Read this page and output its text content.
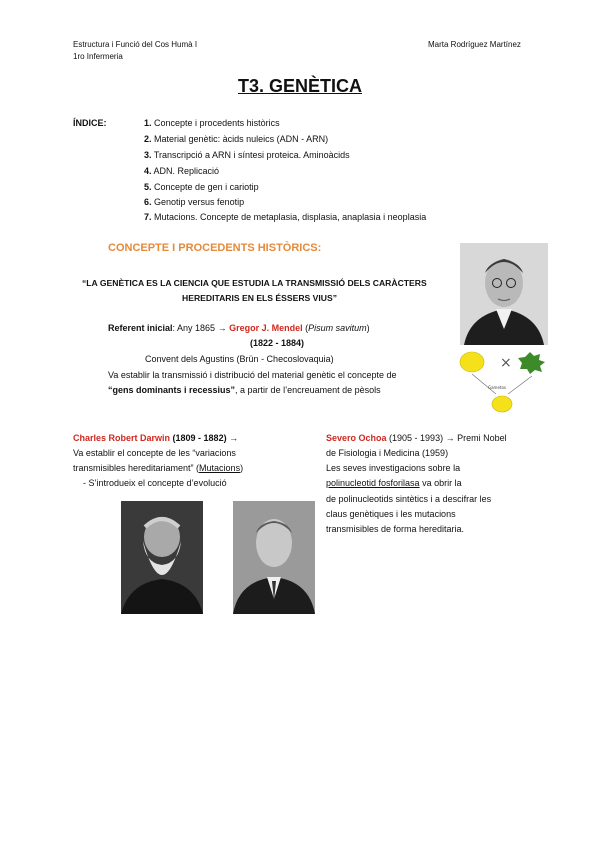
Estructura i Funció del Cos Humà I
1ro Infermeria
Marta Rodríguez Martínez
T3. GENÈTICA
ÍNDICE:	1. Concepte i procedents històrics
2. Material genètic: àcids nuleics (ADN - ARN)
3. Transcripció a ARN i síntesi proteica. Aminoàcids
4. ADN. Replicació
5. Concepte de gen i cariotip
6. Genotip versus fenotip
7. Mutacions. Concepte de metaplasia, displasia, anaplasia i neoplasia
CONCEPTE I PROCEDENTS HISTÒRICS:
“LA GENÈTICA ES LA CIENCIA QUE ESTUDIA LA TRANSMISSIÓ DELS CARÀCTERS
HEREDITARIS EN ELS ÉSSERS VIUS”
Referent inicial: Any 1865 → Gregor J. Mendel (Pisum savitum)
(1822 - 1884)
Convent dels Agustins (Brün - Checoslovaquia)
Va establir la transmissió i distribució del material genètic el concepte de
“gens dominants i recessius”, a partir de l’encreuament de pèsols
×
Gametos
Charles Robert Darwin (1809 - 1882) →
Va establir el concepte de les “variacions
transmisibles hereditariament” (Mutacions)
- S’introdueix el concepte d’evolució
Severo Ochoa (1905 - 1993) → Premi Nobel
de Fisiologia i Medicina (1959)
Les seves investigacions sobre la
polinucleotid fosforilasa va obrir la
de polinucleotids sintètics i a descifrar les
claus genètiques i les mutacions
transmisibles de forma hereditaria.
